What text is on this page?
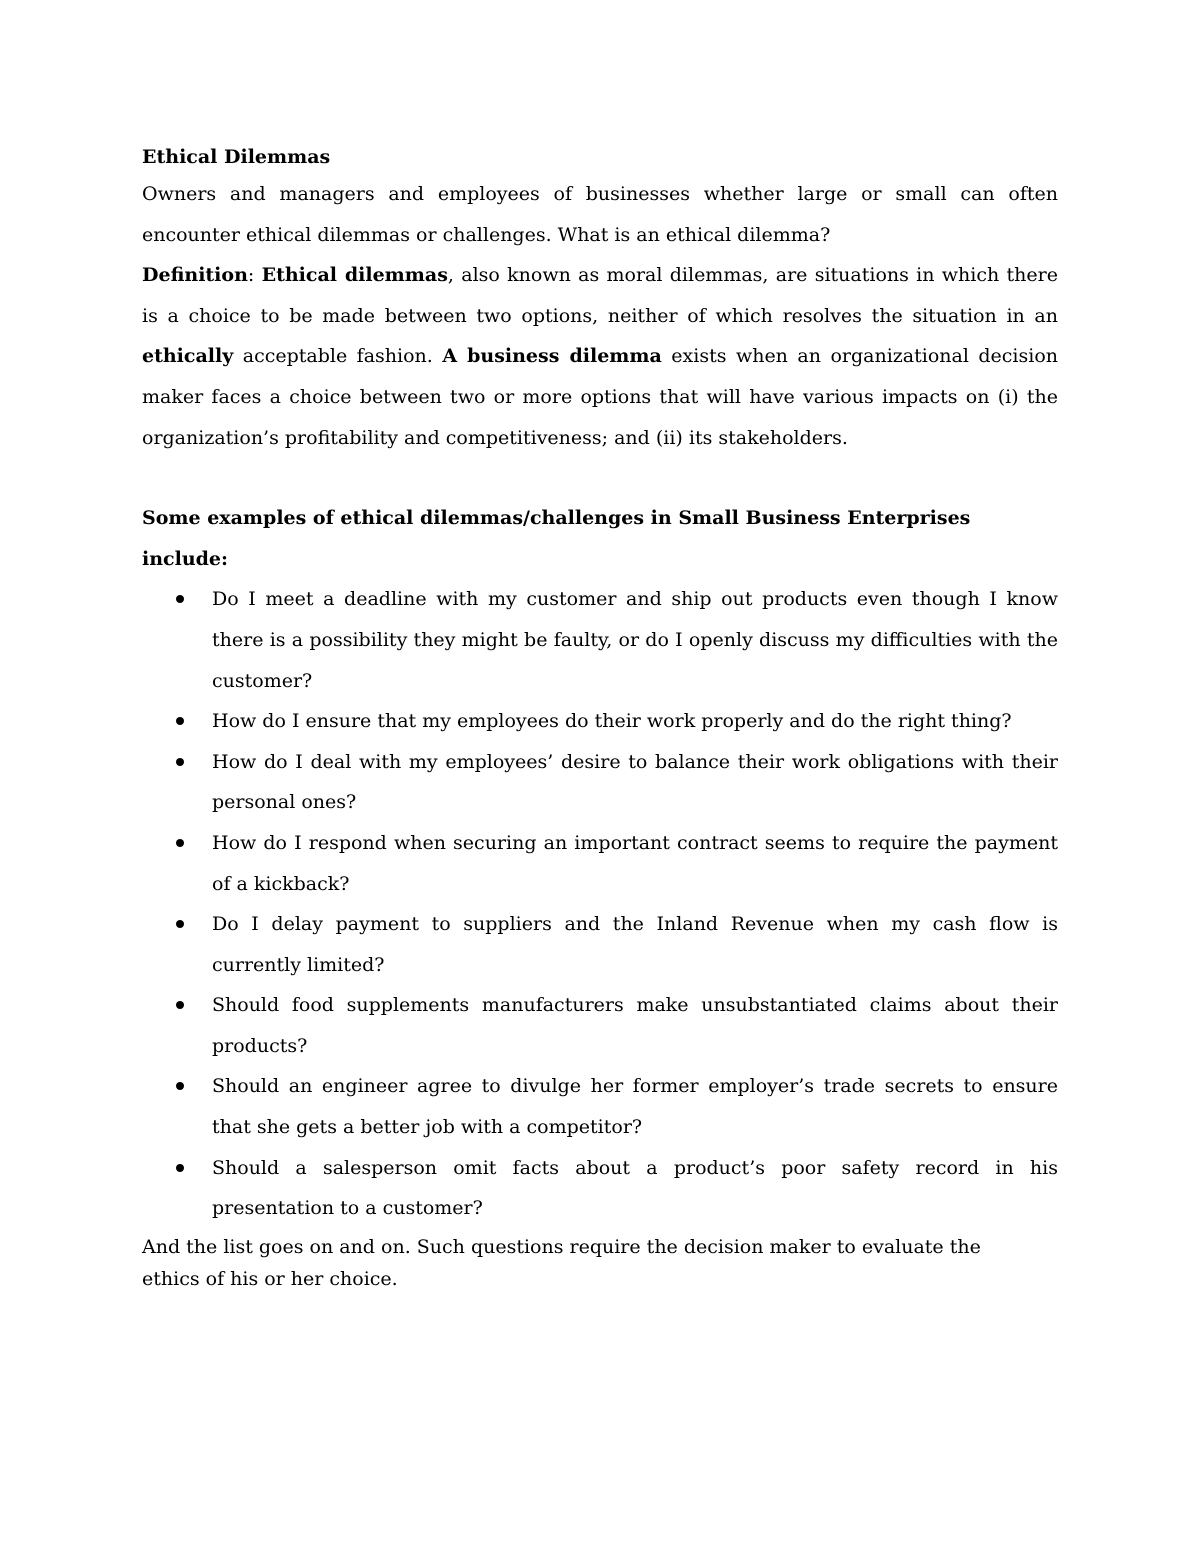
Ethical Dilemmas

Owners and managers and employees of businesses whether large or small can often encounter ethical dilemmas or challenges. What is an ethical dilemma?

Definition: Ethical dilemmas, also known as moral dilemmas, are situations in which there is a choice to be made between two options, neither of which resolves the situation in an ethically acceptable fashion. A business dilemma exists when an organizational decision maker faces a choice between two or more options that will have various impacts on (i) the organization’s profitability and competitiveness; and (ii) its stakeholders.

Some examples of ethical dilemmas/challenges in Small Business Enterprises include:

Do I meet a deadline with my customer and ship out products even though I know there is a possibility they might be faulty, or do I openly discuss my difficulties with the customer?
How do I ensure that my employees do their work properly and do the right thing?
How do I deal with my employees’ desire to balance their work obligations with their personal ones?
How do I respond when securing an important contract seems to require the payment of a kickback?
Do I delay payment to suppliers and the Inland Revenue when my cash flow is currently limited?
Should food supplements manufacturers make unsubstantiated claims about their products?
Should an engineer agree to divulge her former employer’s trade secrets to ensure that she gets a better job with a competitor?
Should a salesperson omit facts about a product’s poor safety record in his presentation to a customer?

And the list goes on and on. Such questions require the decision maker to evaluate the ethics of his or her choice.
